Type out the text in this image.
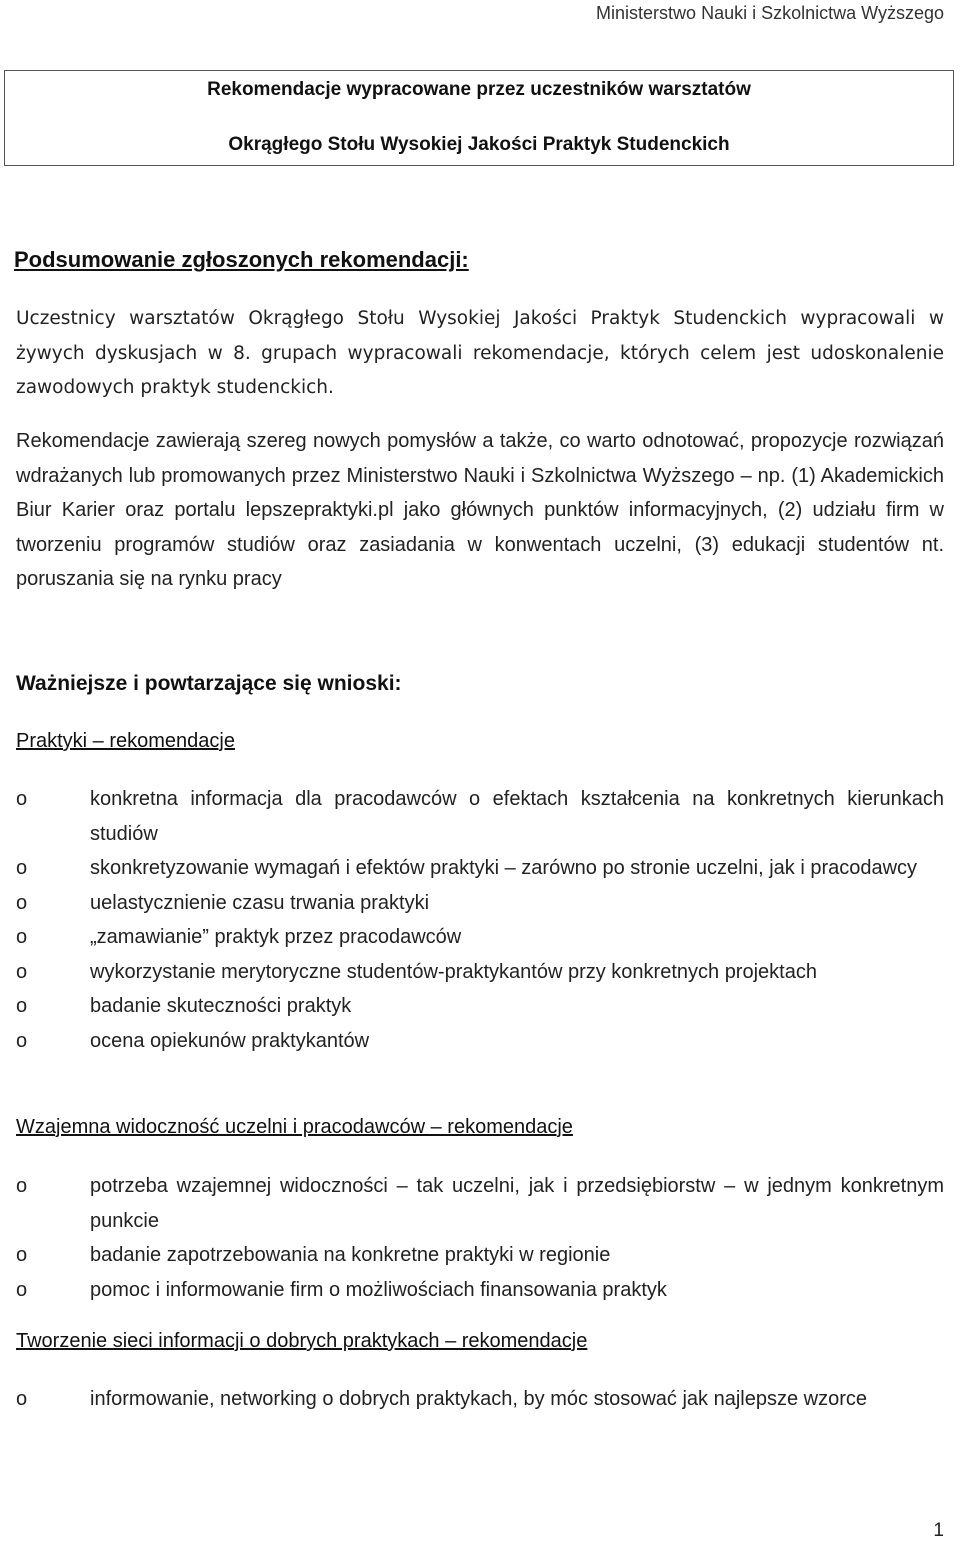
Ministerstwo Nauki i Szkolnictwa Wyższego
Rekomendacje wypracowane przez uczestników warsztatów
Okrągłego Stołu Wysokiej Jakości Praktyk Studenckich
Podsumowanie zgłoszonych rekomendacji:

Uczestnicy warsztatów Okrągłego Stołu Wysokiej Jakości Praktyk Studenckich wypracowali w żywych dyskusjach w 8. grupach wypracowali rekomendacje, których celem jest udoskonalenie zawodowych praktyk studenckich.

Rekomendacje zawierają szereg nowych pomysłów a także, co warto odnotować, propozycje rozwiązań wdrażanych lub promowanych przez Ministerstwo Nauki i Szkolnictwa Wyższego – np. (1) Akademickich Biur Karier oraz portalu lepszepraktyki.pl jako głównych punktów informacyjnych, (2) udziału firm w tworzeniu programów studiów oraz zasiadania w konwentach uczelni, (3) edukacji studentów nt. poruszania się na rynku pracy

Ważniejsze i powtarzające się wnioski:
Praktyki – rekomendacje
o	konkretna informacja dla pracodawców o efektach kształcenia na konkretnych kierunkach studiów
o	skonkretyzowanie wymagań i efektów praktyki – zarówno po stronie uczelni, jak i pracodawcy
o	uelastycznienie czasu trwania praktyki
o	„zamawianie” praktyk przez pracodawców
o	wykorzystanie merytoryczne studentów-praktykantów przy konkretnych projektach
o	badanie skuteczności praktyk
o	ocena opiekunów praktykantów
Wzajemna widoczność uczelni i pracodawców – rekomendacje
o	potrzeba wzajemnej widoczności – tak uczelni, jak i przedsiębiorstw – w jednym konkretnym punkcie
o	badanie zapotrzebowania na konkretne praktyki w regionie
o	pomoc i informowanie firm o możliwościach finansowania praktyk
Tworzenie sieci informacji o dobrych praktykach – rekomendacje
o	informowanie, networking o dobrych praktykach, by móc stosować jak najlepsze wzorce
1
